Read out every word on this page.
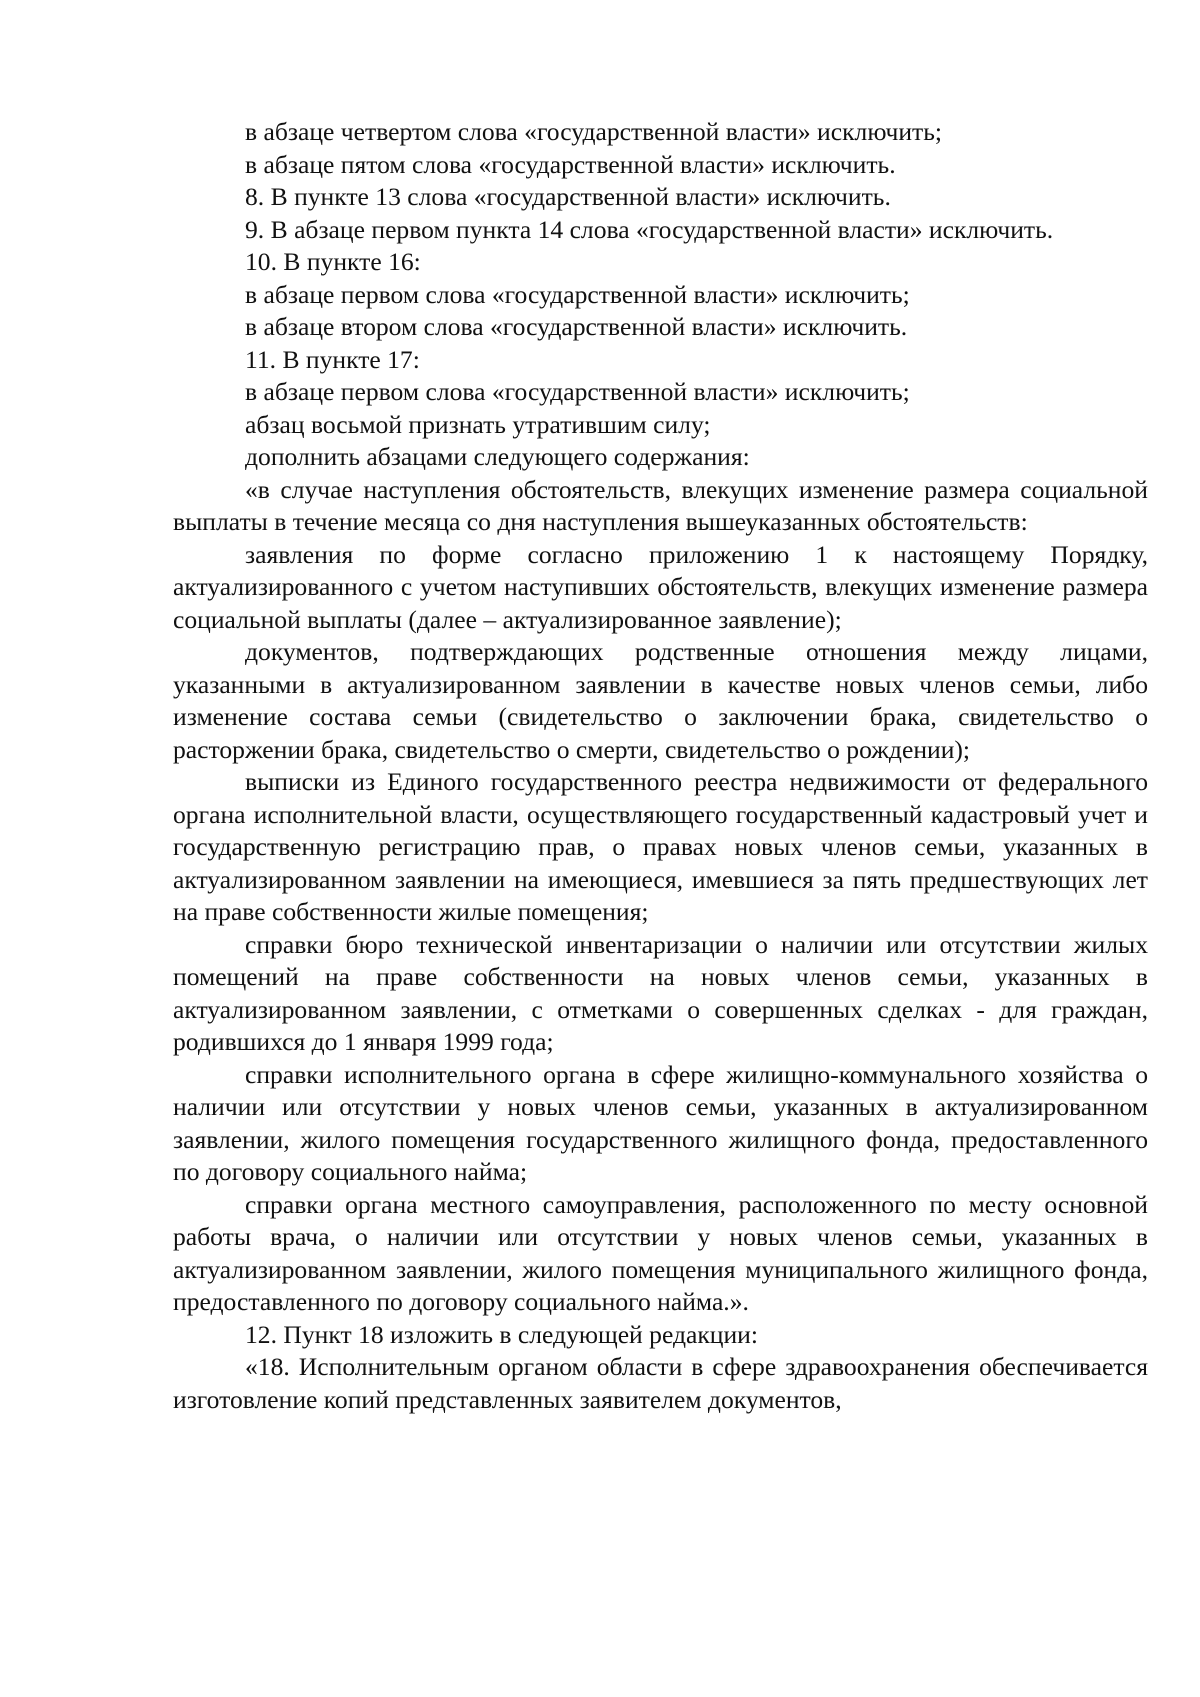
в абзаце четвертом слова «государственной власти» исключить;

в абзаце пятом слова «государственной власти» исключить.

8. В пункте 13 слова «государственной власти» исключить.

9. В абзаце первом пункта 14 слова «государственной власти» исключить.

10. В пункте 16:

в абзаце первом слова «государственной власти» исключить;

в абзаце втором слова «государственной власти» исключить.

11. В пункте 17:

в абзаце первом слова «государственной власти» исключить;

абзац восьмой признать утратившим силу;

дополнить абзацами следующего содержания:

«в случае наступления обстоятельств, влекущих изменение размера социальной выплаты в течение месяца со дня наступления вышеуказанных обстоятельств:

заявления по форме согласно приложению 1 к настоящему Порядку, актуализированного с учетом наступивших обстоятельств, влекущих изменение размера социальной выплаты (далее – актуализированное заявление);

документов, подтверждающих родственные отношения между лицами, указанными в актуализированном заявлении в качестве новых членов семьи, либо изменение состава семьи (свидетельство о заключении брака, свидетельство о расторжении брака, свидетельство о смерти, свидетельство о рождении);

выписки из Единого государственного реестра недвижимости от федерального органа исполнительной власти, осуществляющего государственный кадастровый учет и государственную регистрацию прав, о правах новых членов семьи, указанных в актуализированном заявлении на имеющиеся, имевшиеся за пять предшествующих лет на праве собственности жилые помещения;

справки бюро технической инвентаризации о наличии или отсутствии жилых помещений на праве собственности на новых членов семьи, указанных в актуализированном заявлении, с отметками о совершенных сделках - для граждан, родившихся до 1 января 1999 года;

справки исполнительного органа в сфере жилищно-коммунального хозяйства о наличии или отсутствии у новых членов семьи, указанных в актуализированном заявлении, жилого помещения государственного жилищного фонда, предоставленного по договору социального найма;

справки органа местного самоуправления, расположенного по месту основной работы врача, о наличии или отсутствии у новых членов семьи, указанных в актуализированном заявлении, жилого помещения муниципального жилищного фонда, предоставленного по договору социального найма.».

12. Пункт 18 изложить в следующей редакции:

«18. Исполнительным органом области в сфере здравоохранения обеспечивается изготовление копий представленных заявителем документов,
